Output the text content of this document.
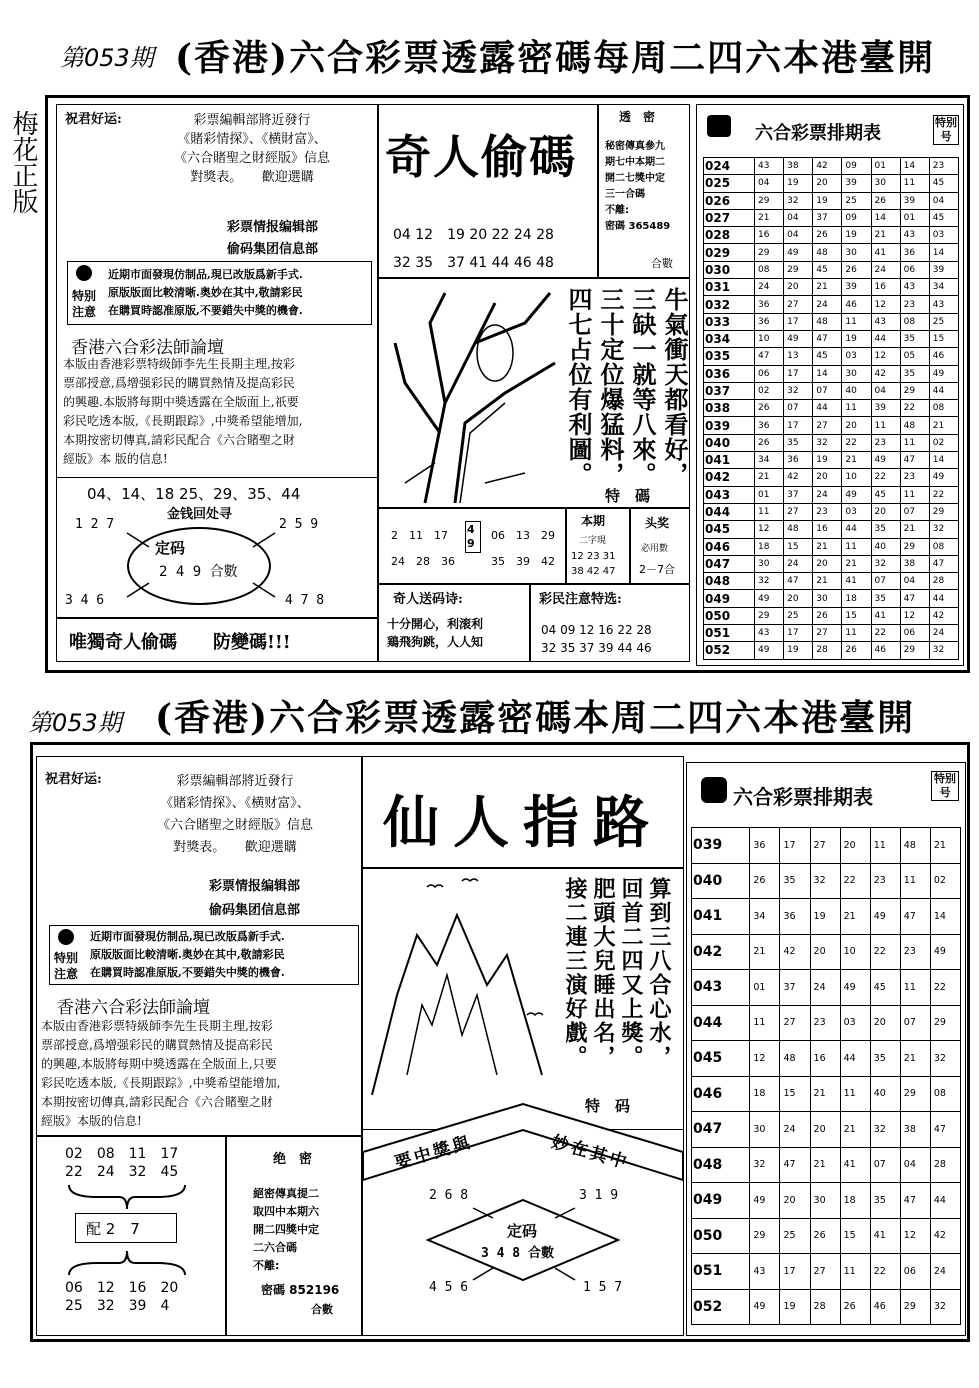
第053期 (香港)六合彩票透露密碼每周二四六本港臺開
梅花正版 祝君好运:	彩票編輯部將近發行
《賭彩情探》、《横財富》、
《六合賭聖之財經版》信息
對獎表。　　歡迎選購
彩票情报编辑部
偷码集团信息部
特别注意
近期市面發現仿制品,現已改版爲新手式.
原版版面比較清晰.奥妙在其中,敬請彩民
在購買時認准原版,不要錯失中獎的機會.
香港六合彩法師論壇
本版由香港彩票特级師李先生長期主理,按彩
票部授意,爲增强彩民的購買熱情及提高彩民
的興趣.本版將每期中獎透露在全版面上,祇要
彩民吃透本版,《長期跟踪》,中獎希望能增加,
本期按密切傳真,請彩民配合《六合賭聖之財
經版》本 版的信息!
04、14、18 25、29、35、44
金钱回处寻
1 2 7	2 5 9
3 4 6	4 7 8
定码
2 4 9 合數
唯獨奇人偷碼　　防變碼!!!
奇人偷碼
04 12　19 20 22 24 28
32 35　37 41 44 46 48
透　密
秘密傳真參九
期七中本期二
開二七獎中定
三一合碼
不離:
密碼 365489
合數
四七占位有利圖。 三十定位爆猛料， 三缺一就等八來。 牛氣衝天都看好，
特　碼
2　11　17
24　28　36
49
06　13　29
35　39　42
本期
二字現
12 23 31
38 42 47
头奖
必用數
2－7合
奇人送码诗:
十分開心，利滚利
鶏飛狗跳，人人知
彩民注意特选:
04 09 12 16 22 28
32 35 37 39 44 46
六合彩票排期表
特别号
024	43	38	42	09	01	14	23
025	04	19	20	39	30	11	45
026	29	32	19	25	26	39	04
027	21	04	37	09	14	01	45
028	16	04	26	19	21	43	03
029	29	49	48	30	41	36	14
030	08	29	45	26	24	06	39
031	24	20	21	39	16	43	34
032	36	27	24	46	12	23	43
033	36	17	48	11	43	08	25
034	10	49	47	19	44	35	15
035	47	13	45	03	12	05	46
036	06	17	14	30	42	35	49
037	02	32	07	40	04	29	44
038	26	07	44	11	39	22	08
039	36	17	27	20	11	48	21
040	26	35	32	22	23	11	02
041	34	36	19	21	49	47	14
042	21	42	20	10	22	23	49
043	01	37	24	49	45	11	22
044	11	27	23	03	20	07	29
045	12	48	16	44	35	21	32
046	18	15	21	11	40	29	08
047	30	24	20	21	32	38	47
048	32	47	21	41	07	04	28
049	49	20	30	18	35	47	44
050	29	25	26	15	41	12	42
051	43	17	27	11	22	06	24
052	49	19	28	26	46	29	32
第053期 (香港)六合彩票透露密碼本周二四六本港臺開
祝君好运:	彩票編輯部將近發行
《賭彩情探》、《横财富》、
《六合賭聖之財經版》信息
對獎表。　　歡迎選購
彩票情报编辑部
偷码集团信息部
特别注意
近期市面發現仿制品,現已改版爲新手式.
原版版面比較清晰.奥妙在其中,敬請彩民
在購買時認准原版,不要錯失中獎的機會.
香港六合彩法師論壇
本版由香港彩票特級師李先生長期主理,按彩
票部授意,爲增强彩民的購買熱情及提高彩民
的興趣,本版將每期中獎透露在全版面上,只要
彩民吃透本版,《長期跟踪》,中獎希望能增加,
本期按密切傳真,請彩民配合《六合賭聖之財
經版》本版的信息!
02　08　11　17
22　24　32　45
配 2　7
06　12　16　20
25　32　39　4
绝　密
絕密傳真提二
取四中本期六
開二四獎中定
二六合碼
不離:
密碼 852196
合數
仙人指路
接二連三演好戲。 肥頭大兒睡出名， 回首二四又上獎。 算到三八合心水，
特　码
要中獎與	妙在其中
2 6 8	3 1 9
4 5 6	1 5 7
定码
3 4 8 合數
六合彩票排期表
特别号
039	36	17	27	20	11	48	21
040	26	35	32	22	23	11	02
041	34	36	19	21	49	47	14
042	21	42	20	10	22	23	49
043	01	37	24	49	45	11	22
044	11	27	23	03	20	07	29
045	12	48	16	44	35	21	32
046	18	15	21	11	40	29	08
047	30	24	20	21	32	38	47
048	32	47	21	41	07	04	28
049	49	20	30	18	35	47	44
050	29	25	26	15	41	12	42
051	43	17	27	11	22	06	24
052	49	19	28	26	46	29	32
